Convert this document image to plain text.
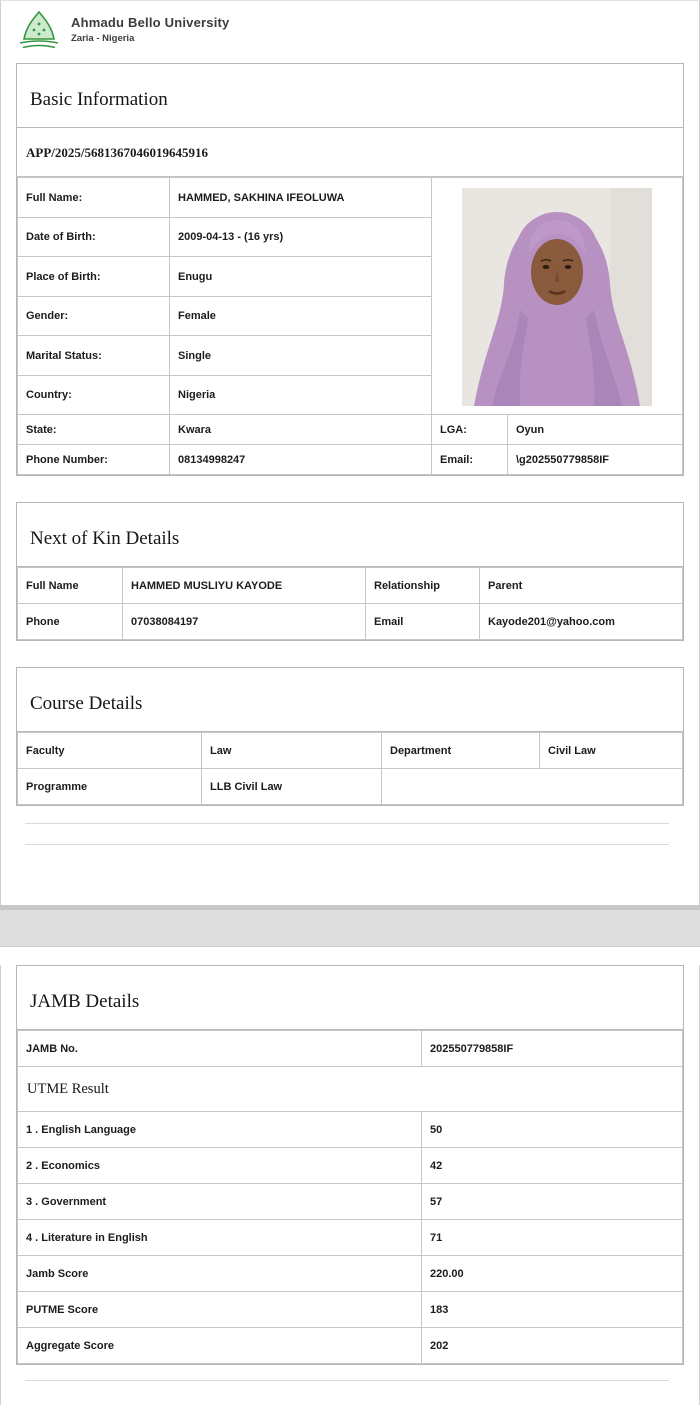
Ahmadu Bello University
Zaria - Nigeria
Basic Information
APP/2025/5681367046019645916
Full Name:	HAMMED, SAKHINA IFEOLUWA	

Date of Birth:	2009-04-13 - (16 yrs)		
Place of Birth:	Enugu		
Gender:	Female		
Marital Status:	Single		
Country:	Nigeria		
State:	Kwara	LGA:	Oyun
Phone Number:	08134998247	Email:	\g202550779858IF
Next of Kin Details
Full Name	HAMMED MUSLIYU KAYODE	Relationship	Parent
Phone	07038084197	Email	Kayode201@yahoo.com
Course Details
Faculty	Law	Department	Civil Law
Programme	LLB Civil Law		
JAMB Details
JAMB No.	202550779858IF
UTME Result	
1 . English Language	50
2 . Economics	42
3 . Government	57
4 . Literature in English	71
Jamb Score	220.00
PUTME Score	183
Aggregate Score	202
